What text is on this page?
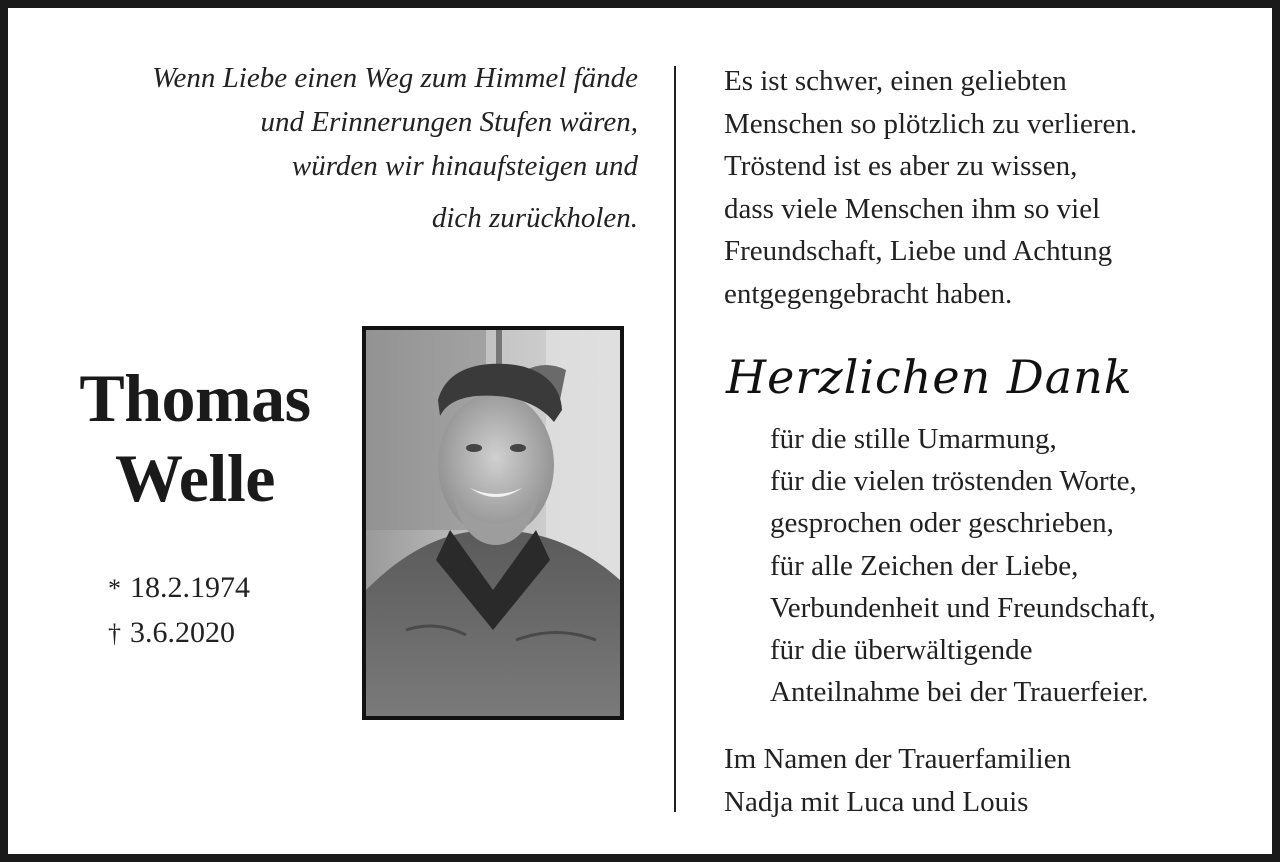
Wenn Liebe einen Weg zum Himmel fände
und Erinnerungen Stufen wären,
würden wir hinaufsteigen und
dich zurückholen.
Thomas
Welle
* 18.2.1974
† 3.6.2020
Es ist schwer, einen geliebten
Menschen so plötzlich zu verlieren.
Tröstend ist es aber zu wissen,
dass viele Menschen ihm so viel
Freundschaft, Liebe und Achtung
entgegengebracht haben.
Herzlichen Dank
für die stille Umarmung,
für die vielen tröstenden Worte,
gesprochen oder geschrieben,
für alle Zeichen der Liebe,
Verbundenheit und Freundschaft,
für die überwältigende
Anteilnahme bei der Trauerfeier.
Im Namen der Trauerfamilien
Nadja mit Luca und Louis
